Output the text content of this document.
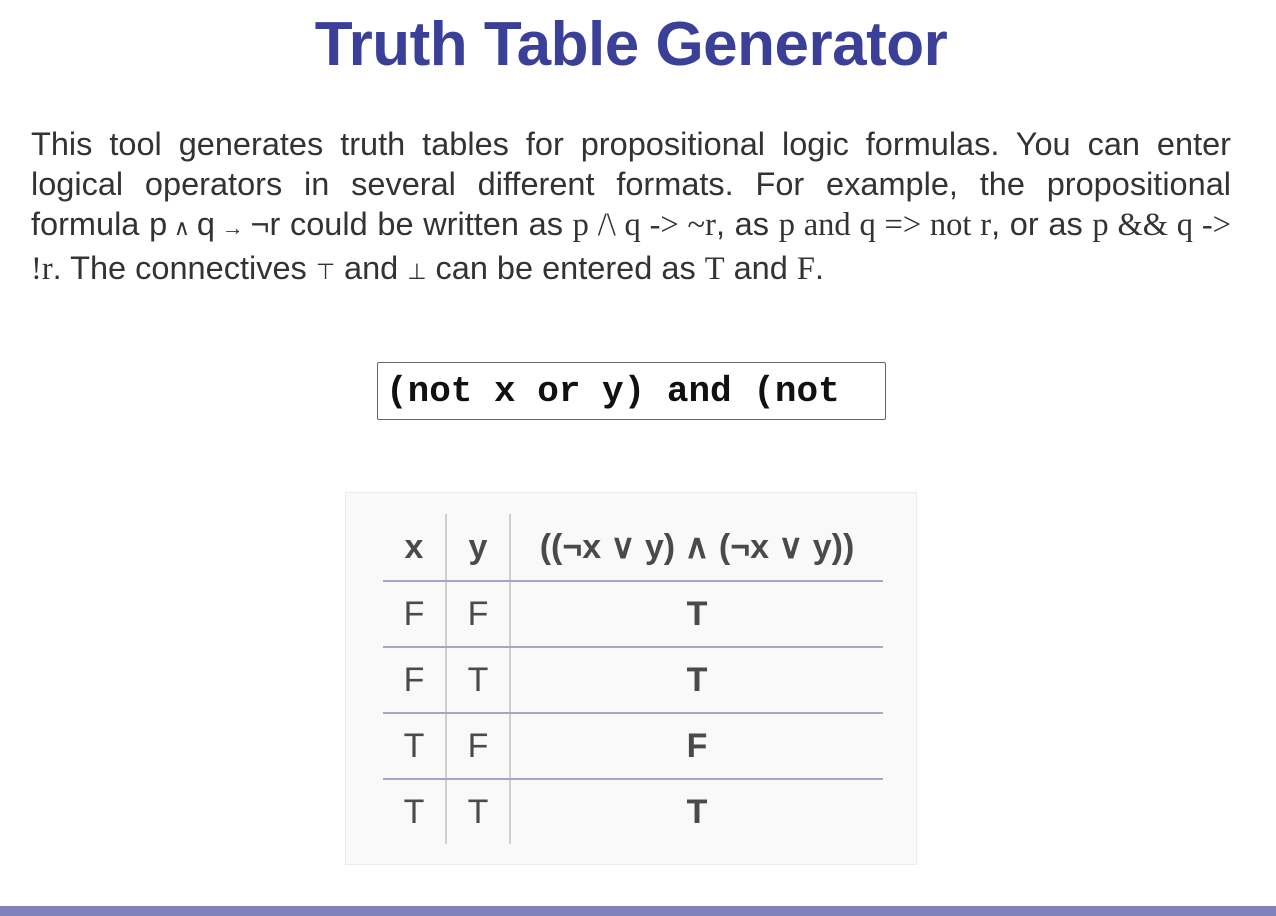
Truth Table Generator

This tool generates truth tables for propositional logic formulas. You can enter logical operators in several different formats. For example, the propositional formula p ∧ q → ¬r could be written as p /\ q -> ~r, as p and q => not r, or as p && q -> !r. The connectives ⊤ and ⊥ can be entered as T and F.

(not x or y) and (not
x	y	((¬x ∨ y) ∧ (¬x ∨ y))
F	F	T
F	T	T
T	F	F
T	T	T
